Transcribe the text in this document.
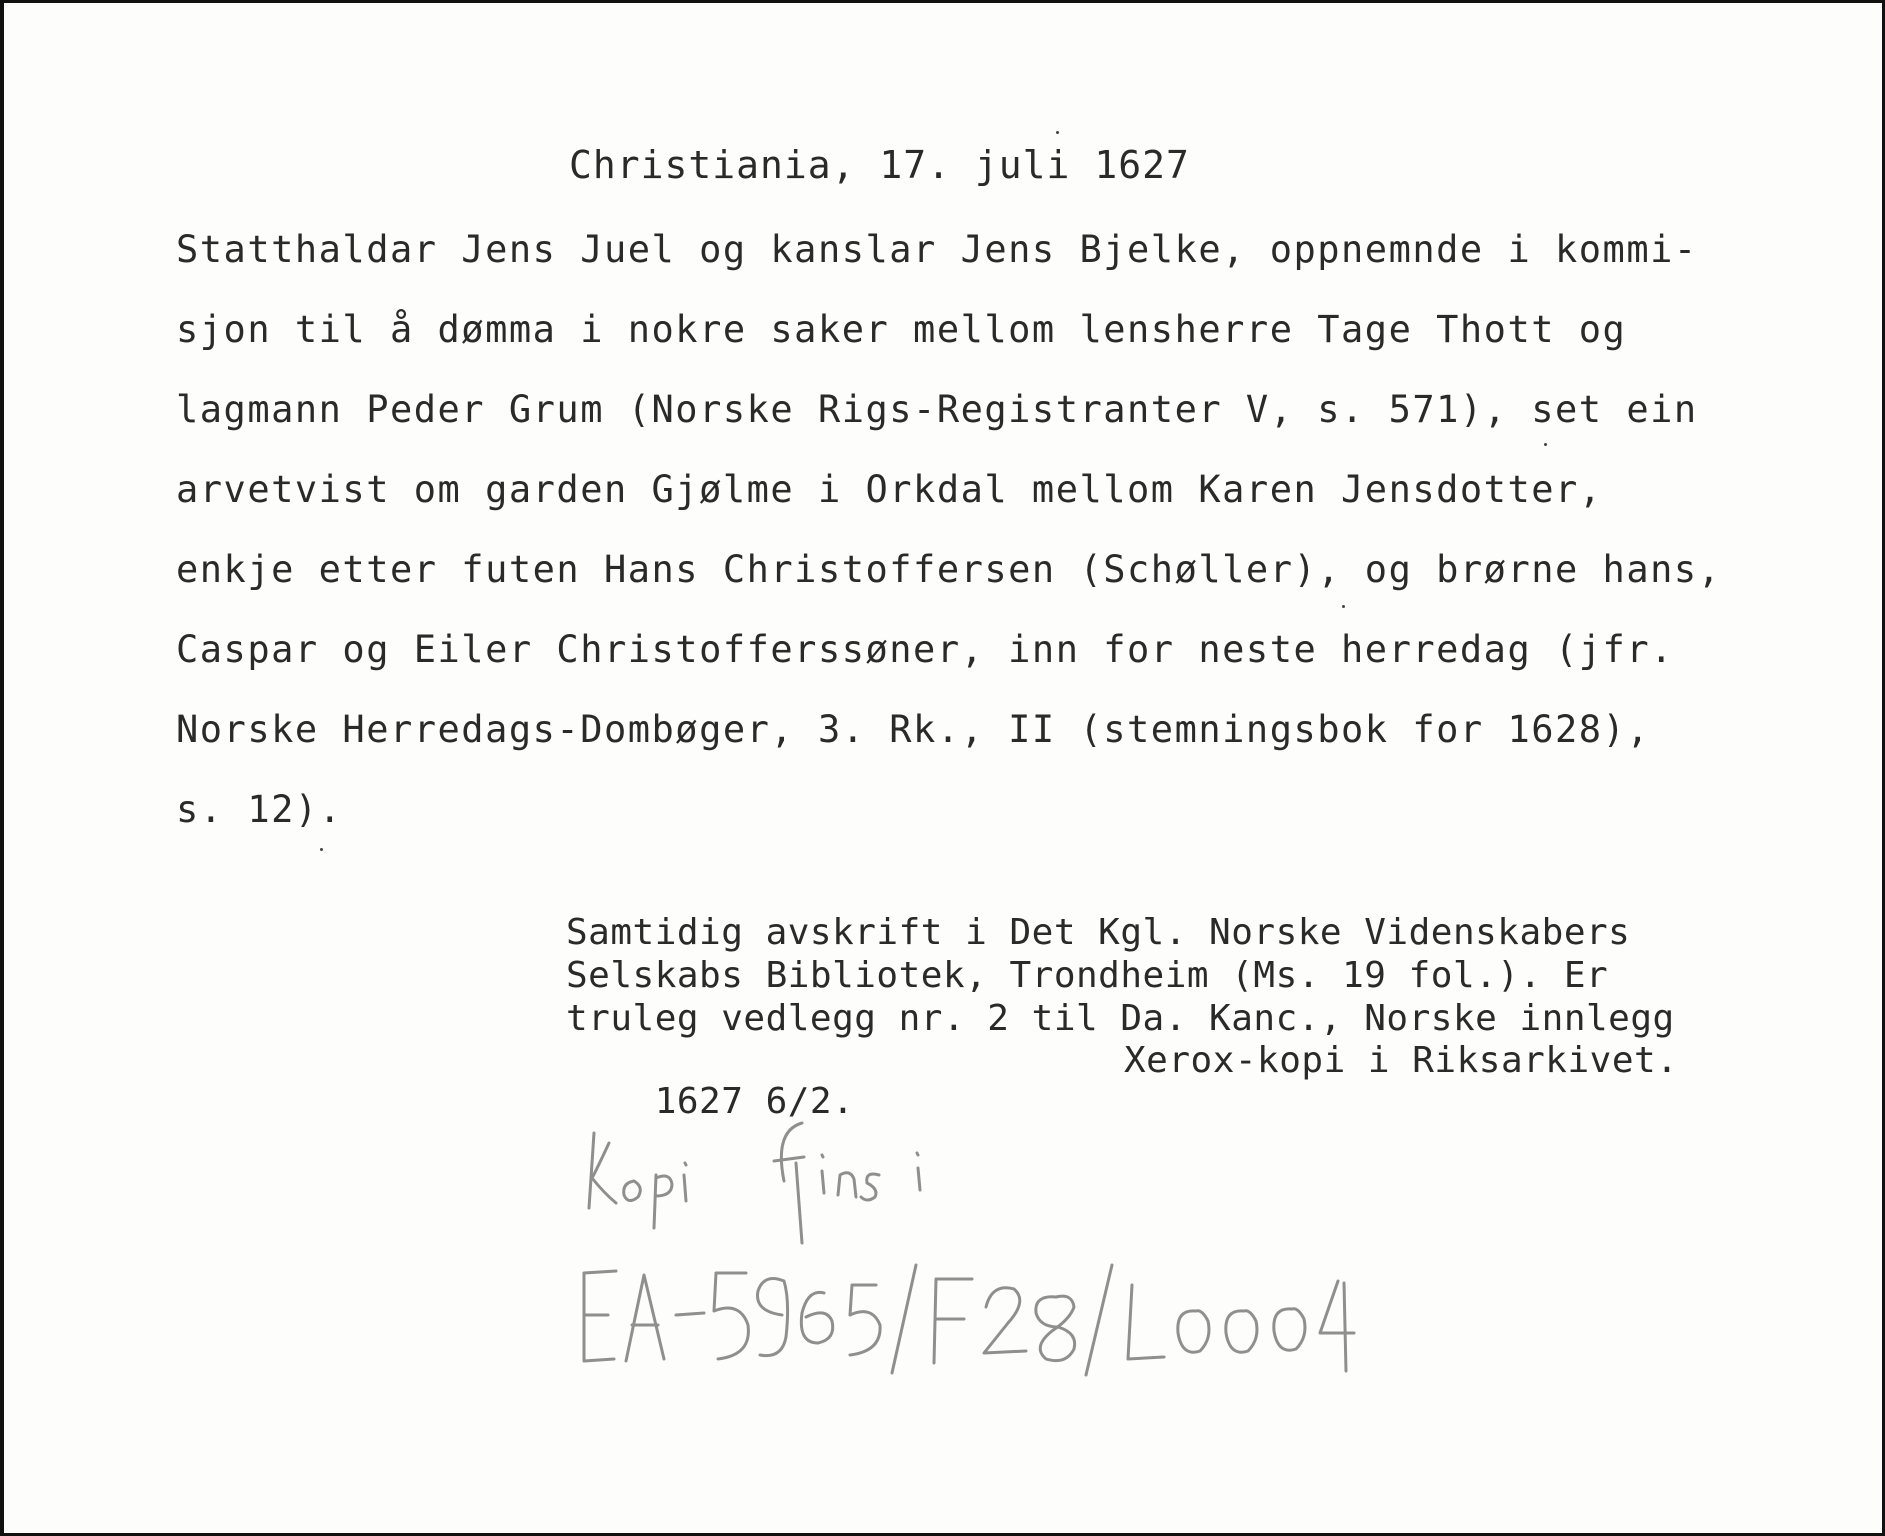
Christiania, 17. juli 1627
Statthaldar Jens Juel og kanslar Jens Bjelke, oppnemnde i kommi-
sjon til å dømma i nokre saker mellom lensherre Tage Thott og
lagmann Peder Grum (Norske Rigs-Registranter V, s. 571), set ein
arvetvist om garden Gjølme i Orkdal mellom Karen Jensdotter,
enkje etter futen Hans Christoffersen (Schøller), og brørne hans,
Caspar og Eiler Christofferssøner, inn for neste herredag (jfr.
Norske Herredags-Dombøger, 3. Rk., II (stemningsbok for 1628),
s. 12).
Samtidig avskrift i Det Kgl. Norske Videnskabers
Selskabs Bibliotek, Trondheim (Ms. 19 fol.). Er
truleg vedlegg nr. 2 til Da. Kanc., Norske innlegg

1627 6/2.

Xerox-kopi i Riksarkivet.
